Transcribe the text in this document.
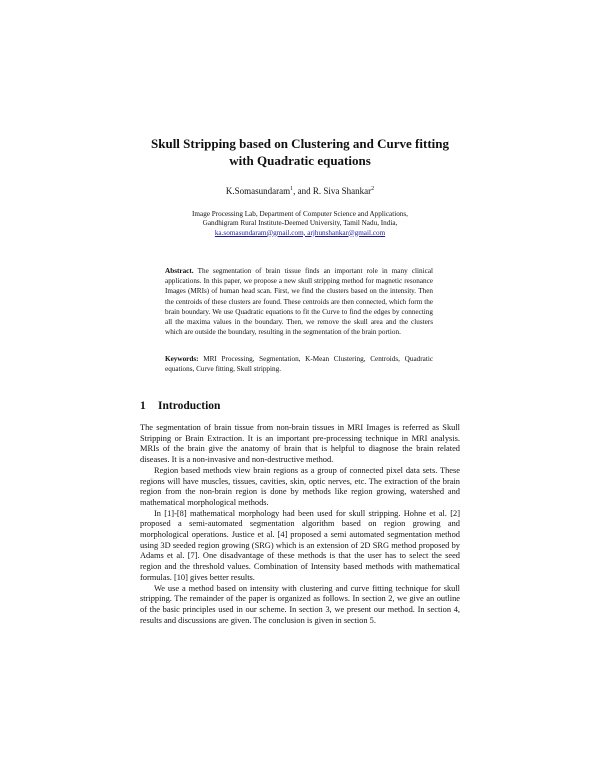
Skull Stripping based on Clustering and Curve fitting
with Quadratic equations
K.Somasundaram$^1$, and R. Siva Shankar$^2$
Image Processing Lab, Department of Computer Science and Applications,
Gandhigram Rural Institute-Deemed University, Tamil Nadu, India,
ka.somasundaram@gmail.com, arjhunshankar@gmail.com
Abstract. The segmentation of brain tissue finds an important role in many clinical applications. In this paper, we propose a new skull stripping method for magnetic resonance Images (MRIs) of human head scan. First, we find the clusters based on the intensity. Then the centroids of these clusters are found. These centroids are then connected, which form the brain boundary. We use Quadratic equations to fit the Curve to find the edges by connecting all the maxima values in the boundary. Then, we remove the skull area and the clusters which are outside the boundary, resulting in the segmentation of the brain portion.
Keywords: MRI Processing, Segmentation, K-Mean Clustering, Centroids, Quadratic equations, Curve fitting, Skull stripping.
1 Introduction

The segmentation of brain tissue from non-brain tissues in MRI Images is referred as Skull Stripping or Brain Extraction. It is an important pre-processing technique in MRI analysis. MRIs of the brain give the anatomy of brain that is helpful to diagnose the brain related diseases. It is a non-invasive and non-destructive method.

Region based methods view brain regions as a group of connected pixel data sets. These regions will have muscles, tissues, cavities, skin, optic nerves, etc. The extraction of the brain region from the non-brain region is done by methods like region growing, watershed and mathematical morphological methods.

In [1]-[8] mathematical morphology had been used for skull stripping. Hohne et al. [2] proposed a semi-automated segmentation algorithm based on region growing and morphological operations. Justice et al. [4] proposed a semi automated segmentation method using 3D seeded region growing (SRG) which is an extension of 2D SRG method proposed by Adams et al. [7]. One disadvantage of these methods is that the user has to select the seed region and the threshold values. Combination of Intensity based methods with mathematical formulas. [10] gives better results.

We use a method based on intensity with clustering and curve fitting technique for skull stripping. The remainder of the paper is organized as follows. In section 2, we give an outline of the basic principles used in our scheme. In section 3, we present our method. In section 4, results and discussions are given. The conclusion is given in section 5.
